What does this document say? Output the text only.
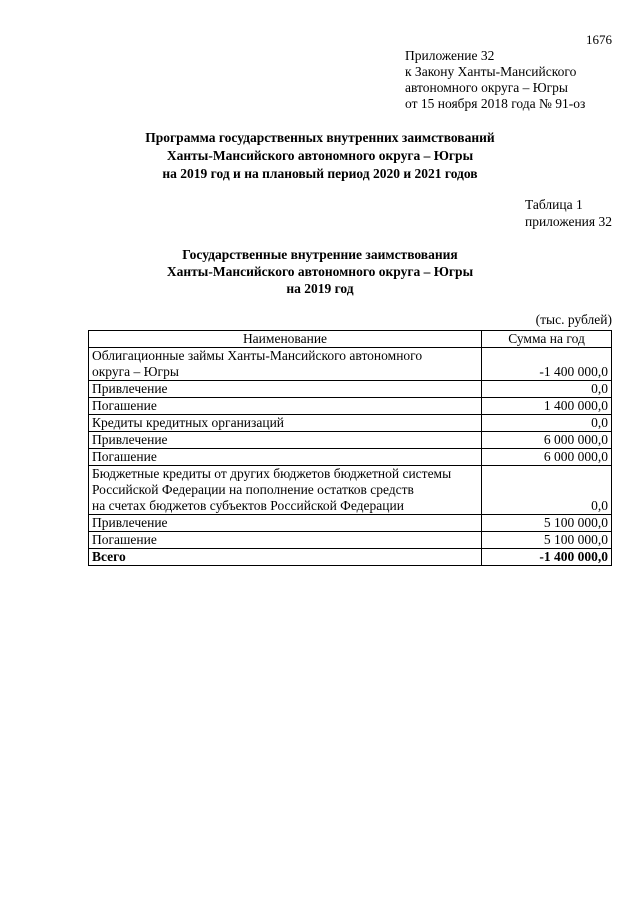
1676
Приложение 32
к Закону Ханты-Мансийского
автономного округа – Югры
от 15 ноября 2018 года № 91-оз
Программа государственных внутренних заимствований
Ханты-Мансийского автономного округа – Югры
на 2019 год и на плановый период 2020 и 2021 годов
Таблица 1
приложения 32
Государственные внутренние заимствования
Ханты-Мансийского автономного округа – Югры
на 2019 год
(тыс. рублей)
Наименование	Сумма на год

Облигационные займы Ханты-Мансийского автономного
округа – Югры	-1 400 000,0

Привлечение	0,0

Погашение	1 400 000,0

Кредиты кредитных организаций	0,0

Привлечение	6 000 000,0

Погашение	6 000 000,0

Бюджетные кредиты от других бюджетов бюджетной системы
Российской Федерации на пополнение остатков средств
на счетах бюджетов субъектов Российской Федерации	0,0

Привлечение	5 100 000,0

Погашение	5 100 000,0
Всего	-1 400 000,0
